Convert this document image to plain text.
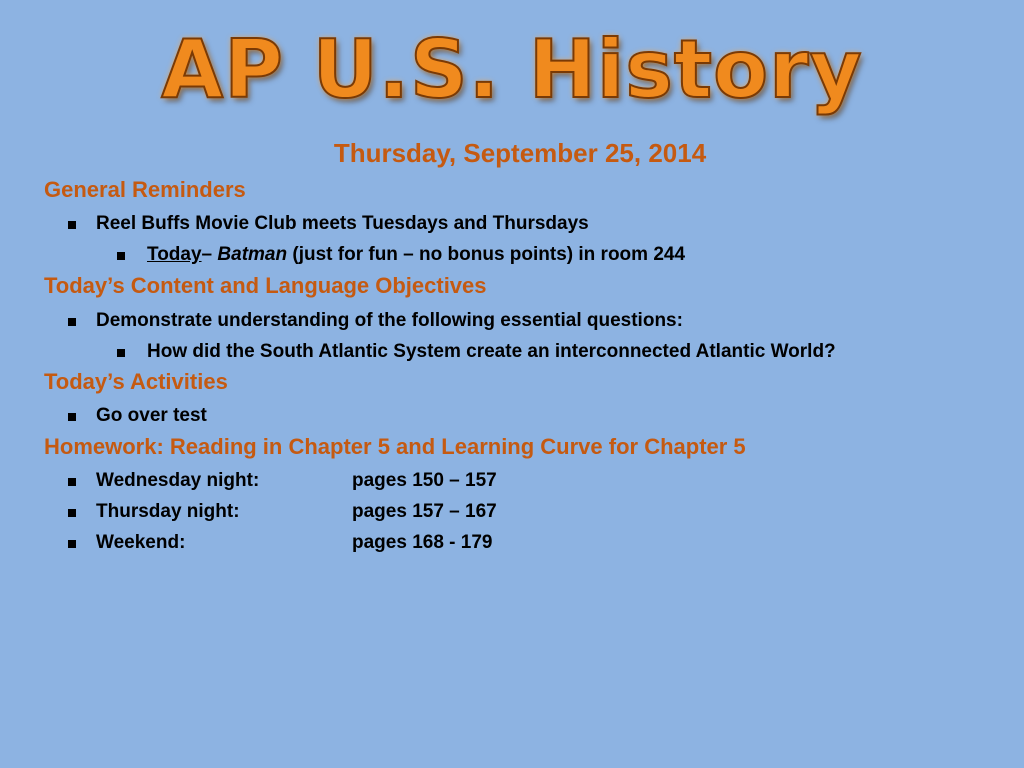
AP U.S. History
Thursday, September 25, 2014
General Reminders
Reel Buffs Movie Club meets Tuesdays and Thursdays
Today– Batman (just for fun – no bonus points) in room 244
Today’s Content and Language Objectives
Demonstrate understanding of the following essential questions:
How did the South Atlantic System create an interconnected Atlantic World?
Today’s Activities
Go over test
Homework: Reading in Chapter 5 and Learning Curve for Chapter 5
Wednesday night:	pages 150 – 157
Thursday night:	pages 157 – 167
Weekend:	pages 168 - 179
